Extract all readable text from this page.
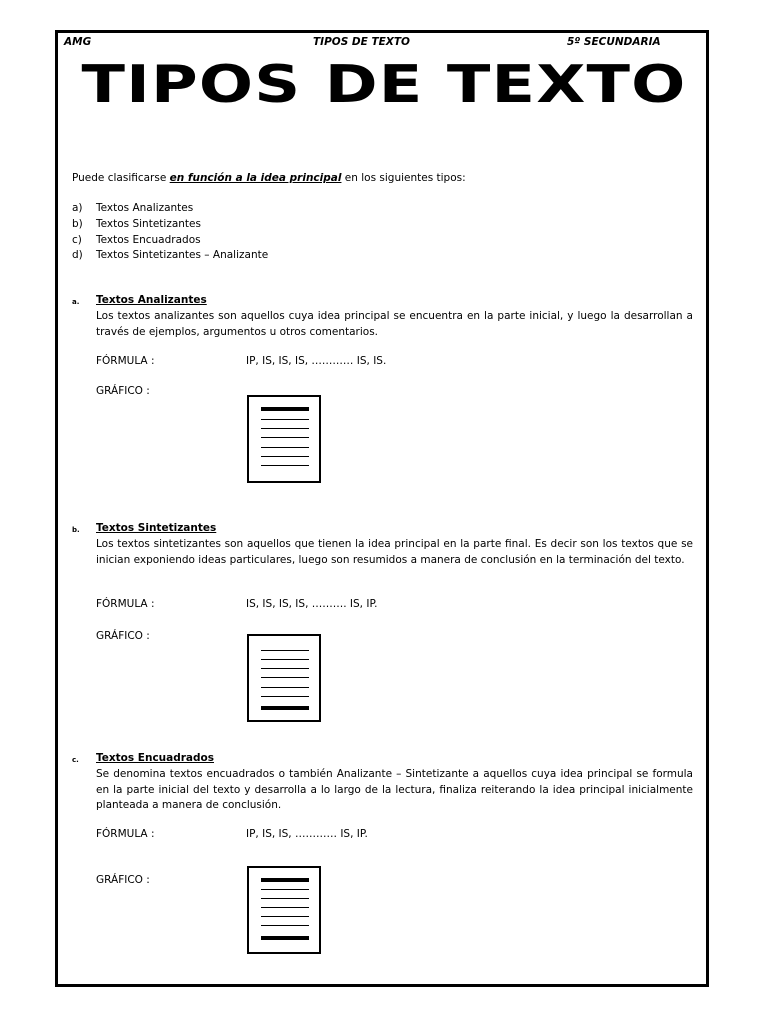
AMG	TIPOS DE TEXTO	5º SECUNDARIA
TIPOS DE TEXTO
Puede clasificarse en función a la idea principal en los siguientes tipos:
a) Textos Analizantes
b) Textos Sintetizantes
c) Textos Encuadrados
d) Textos Sintetizantes – Analizante
a. Textos Analizantes
Los textos analizantes son aquellos cuya idea principal se encuentra en la parte inicial, y luego la desarrollan a través de ejemplos, argumentos u otros comentarios.
FÓRMULA :	IP, IS, IS, IS, ………… IS, IS.
GRÁFICO :
b. Textos Sintetizantes
Los textos sintetizantes son aquellos que tienen la idea principal en la parte final. Es decir son los textos que se inician exponiendo ideas particulares, luego son resumidos a manera de conclusión en la terminación del texto.
FÓRMULA :	IS, IS, IS, IS, ………. IS, IP.
GRÁFICO :
c. Textos Encuadrados
Se denomina textos encuadrados o también Analizante – Sintetizante a aquellos cuya idea principal se formula en la parte inicial del texto y desarrolla a lo largo de la lectura, finaliza reiterando la idea principal inicialmente planteada a manera de conclusión.
FÓRMULA :	IP, IS, IS, ………… IS, IP.
GRÁFICO :
